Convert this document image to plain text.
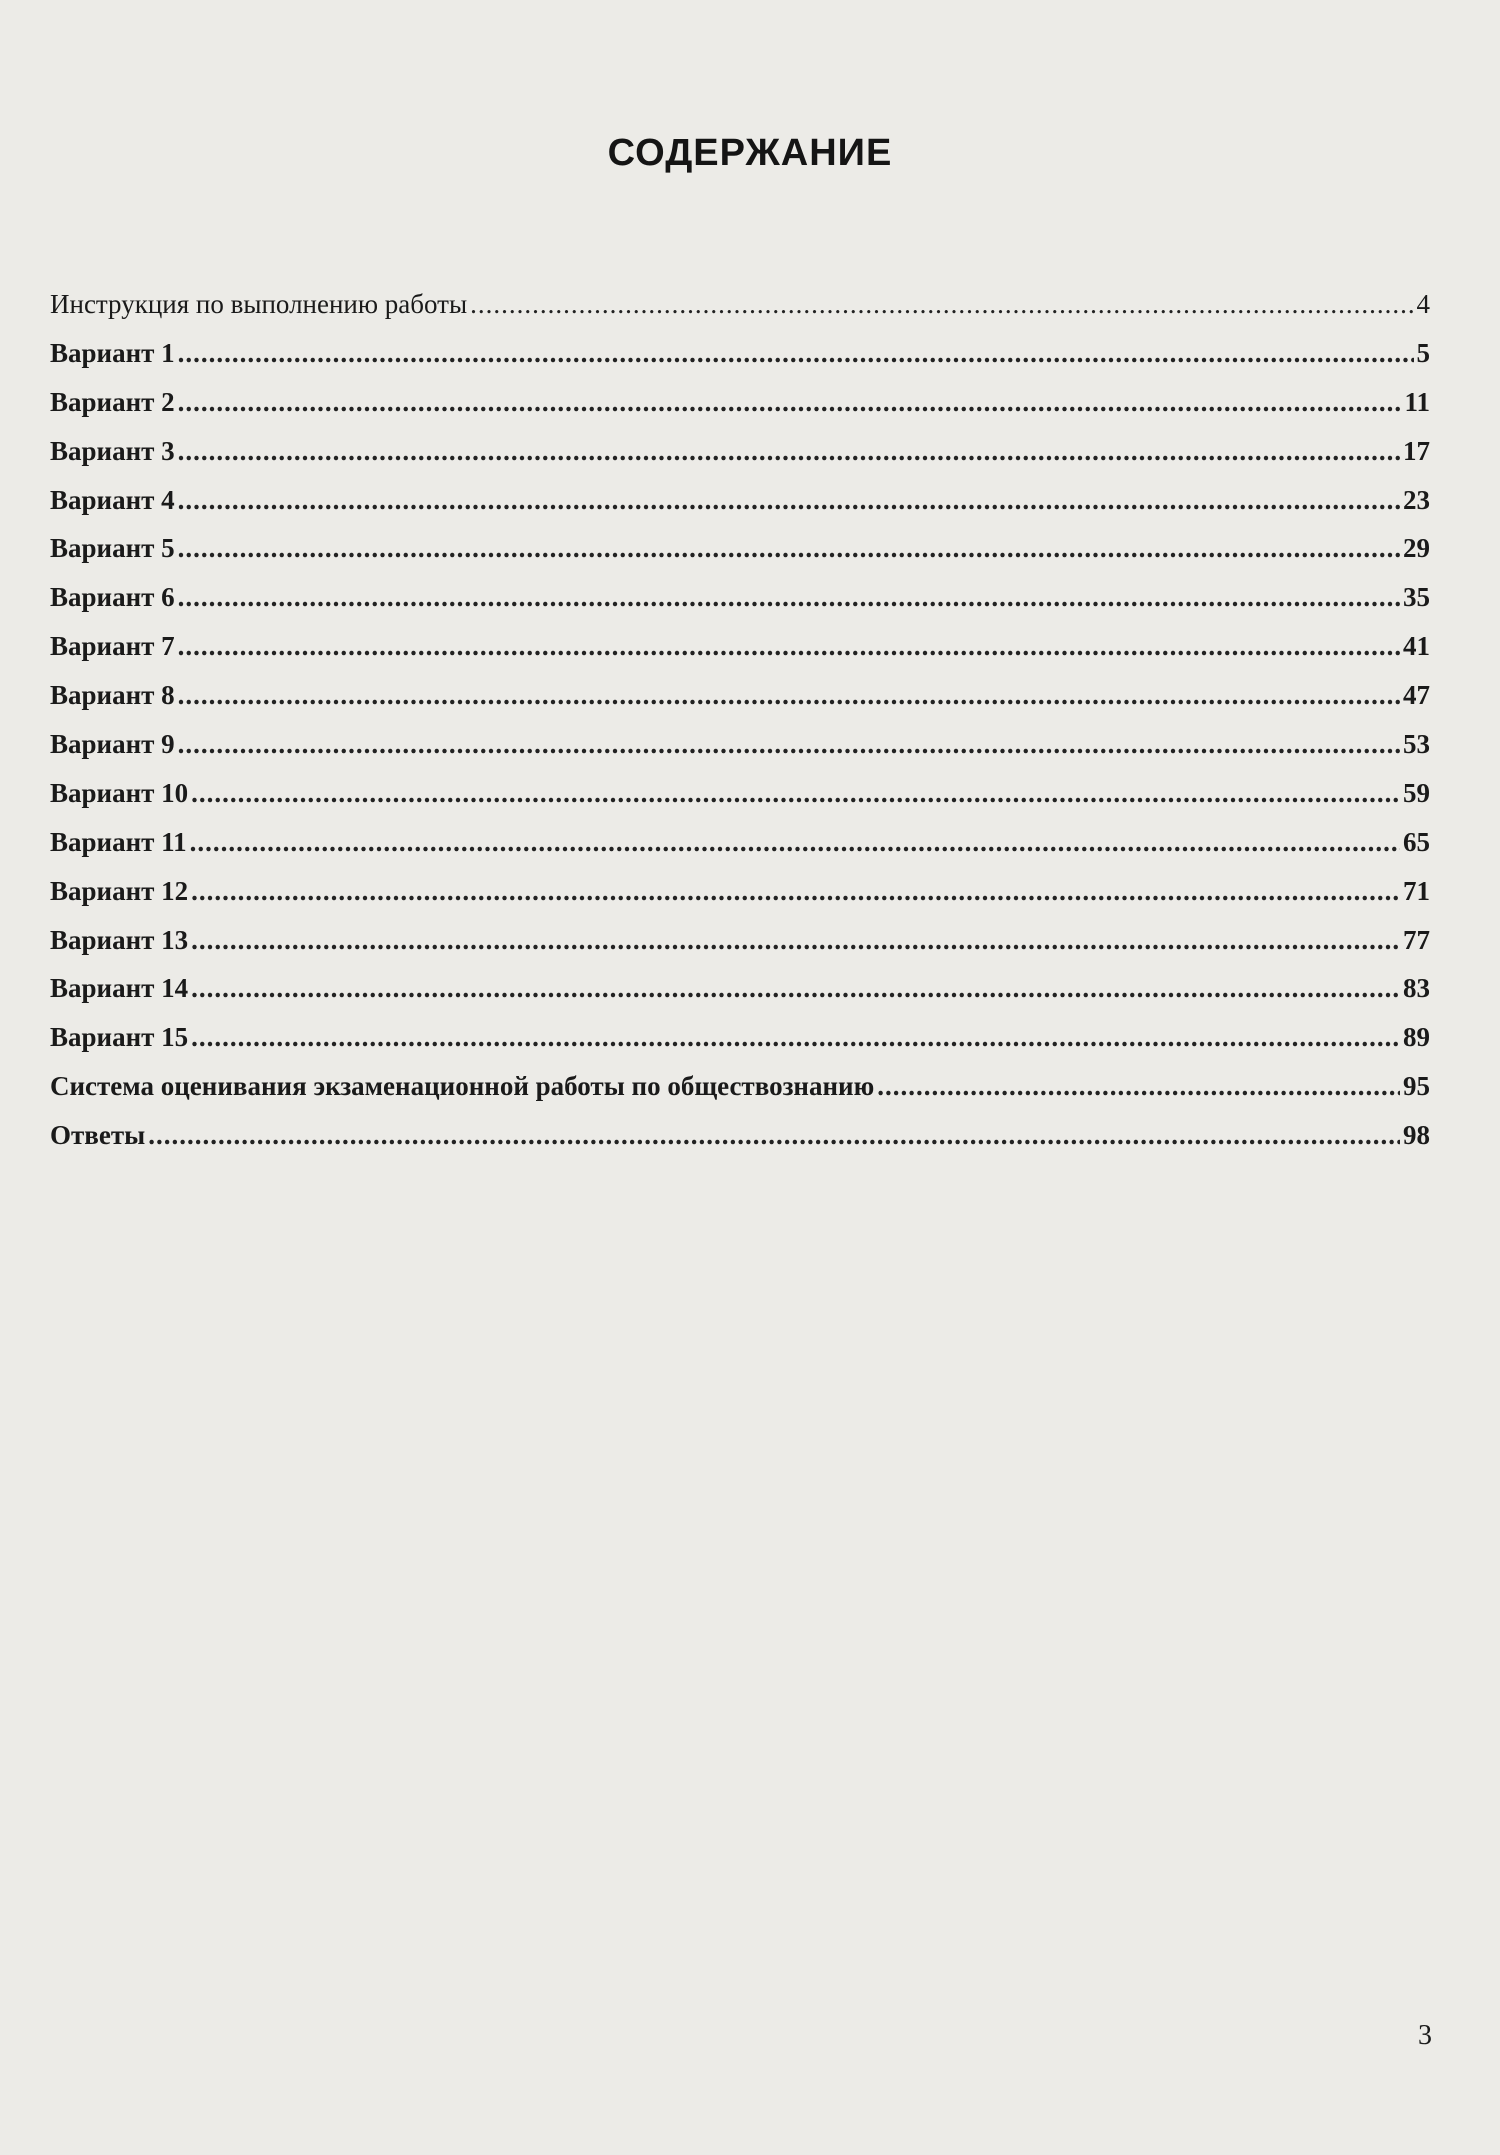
СОДЕРЖАНИЕ
Инструкция по выполнению работы .....	4
Вариант 1 .....	5
Вариант 2 .....	11
Вариант 3 .....	17
Вариант 4 .....	23
Вариант 5 .....	29
Вариант 6 .....	35
Вариант 7 .....	41
Вариант 8 .....	47
Вариант 9 .....	53
Вариант 10 .....	59
Вариант 11 .....	65
Вариант 12 .....	71
Вариант 13 .....	77
Вариант 14 .....	83
Вариант 15 .....	89
Система оценивания экзаменационной работы по обществознанию .....	95
Ответы .....	98
3
